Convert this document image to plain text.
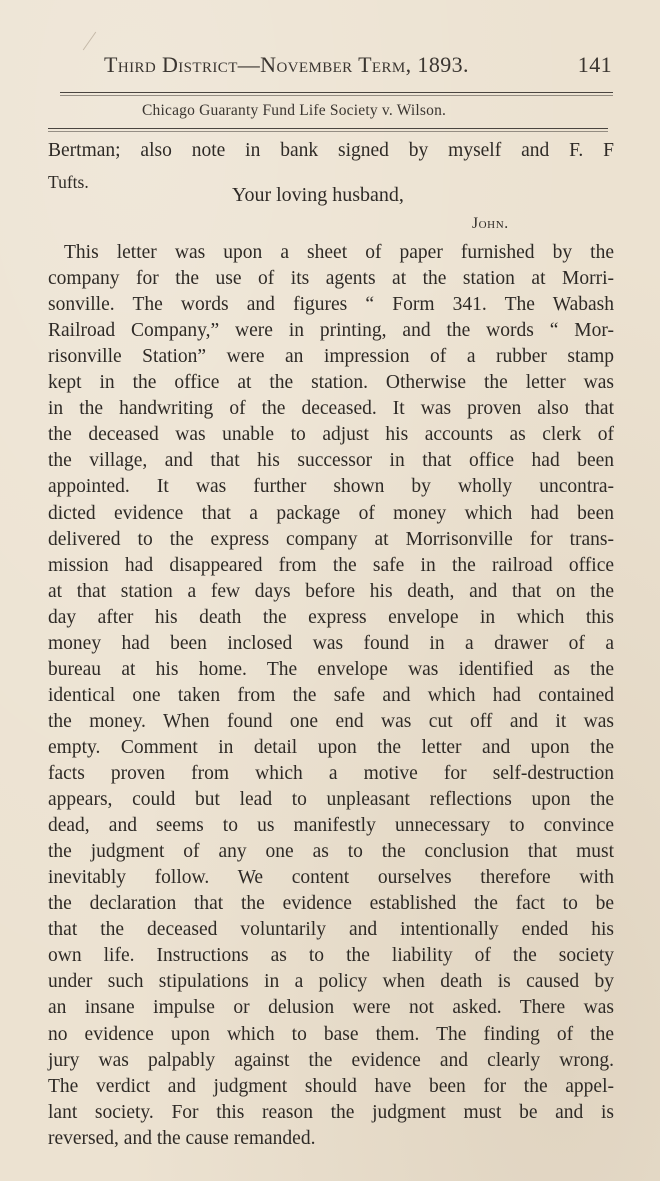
Third District—November Term, 1893.	141
Chicago Guaranty Fund Life Society v. Wilson.
Bertman; also note in bank signed by myself and F. F
Tufts.
Your loving husband,
John.
This letter was upon a sheet of paper furnished by the
company for the use of its agents at the station at Morri-
sonville. The words and figures “ Form 341. The Wabash
Railroad Company,” were in printing, and the words “ Mor-
risonville Station” were an impression of a rubber stamp
kept in the office at the station. Otherwise the letter was
in the handwriting of the deceased. It was proven also that
the deceased was unable to adjust his accounts as clerk of
the village, and that his successor in that office had been
appointed. It was further shown by wholly uncontra-
dicted evidence that a package of money which had been
delivered to the express company at Morrisonville for trans-
mission had disappeared from the safe in the railroad office
at that station a few days before his death, and that on the
day after his death the express envelope in which this
money had been inclosed was found in a drawer of a
bureau at his home. The envelope was identified as the
identical one taken from the safe and which had contained
the money. When found one end was cut off and it was
empty. Comment in detail upon the letter and upon the
facts proven from which a motive for self-destruction
appears, could but lead to unpleasant reflections upon the
dead, and seems to us manifestly unnecessary to convince
the judgment of any one as to the conclusion that must
inevitably follow. We content ourselves therefore with
the declaration that the evidence established the fact to be
that the deceased voluntarily and intentionally ended his
own life. Instructions as to the liability of the society
under such stipulations in a policy when death is caused by
an insane impulse or delusion were not asked. There was
no evidence upon which to base them. The finding of the
jury was palpably against the evidence and clearly wrong.
The verdict and judgment should have been for the appel-
lant society. For this reason the judgment must be and is
reversed, and the cause remanded.
